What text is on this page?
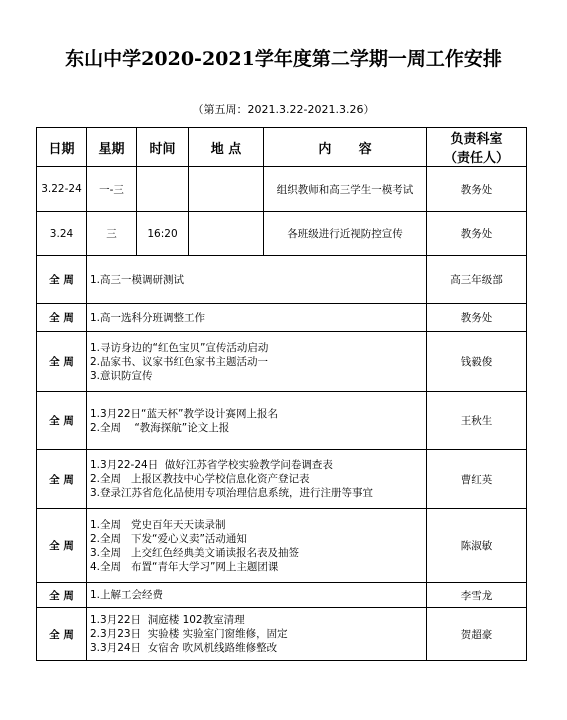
东山中学2020-2021学年度第二学期一周工作安排
（第五周：2021.3.22-2021.3.26）
日期	星期	时间	地 点	内      容	负责科室
（责任人）

3.22-24	一-三			组织教师和高三学生一模考试	教务处
3.24	三	16:20		各班级进行近视防控宣传	教务处
全 周	1.高三一模调研测试				高三年级部
全 周	1.高一选科分班调整工作				教务处
全 周	1.寻访身边的“红色宝贝”宣传活动启动
2.品家书、议家书红色家书主题活动一
3.意识防宣传				钱毅俊
全 周	1.3月22日“蓝天杯”教学设计赛网上报名
2.全周    “教海探航”论文上报				王秋生
全 周	1.3月22-24日  做好江苏省学校实验教学问卷调查表
2.全周   上报区教技中心学校信息化资产登记表
3.登录江苏省危化品使用专项治理信息系统，进行注册等事宜				曹红英
全 周	1.全周   党史百年天天读录制
2.全周   下发“爱心义卖”活动通知
3.全周   上交红色经典美文诵读报名表及抽签
4.全周   布置“青年大学习”网上主题团课				陈淑敏
全 周	1.上解工会经费				李雪龙
全 周	1.3月22日  洞庭楼 102教室清理
2.3月23日  实验楼 实验室门窗维修，固定
3.3月24日  女宿舍 吹风机线路维修整改				贺超豪
